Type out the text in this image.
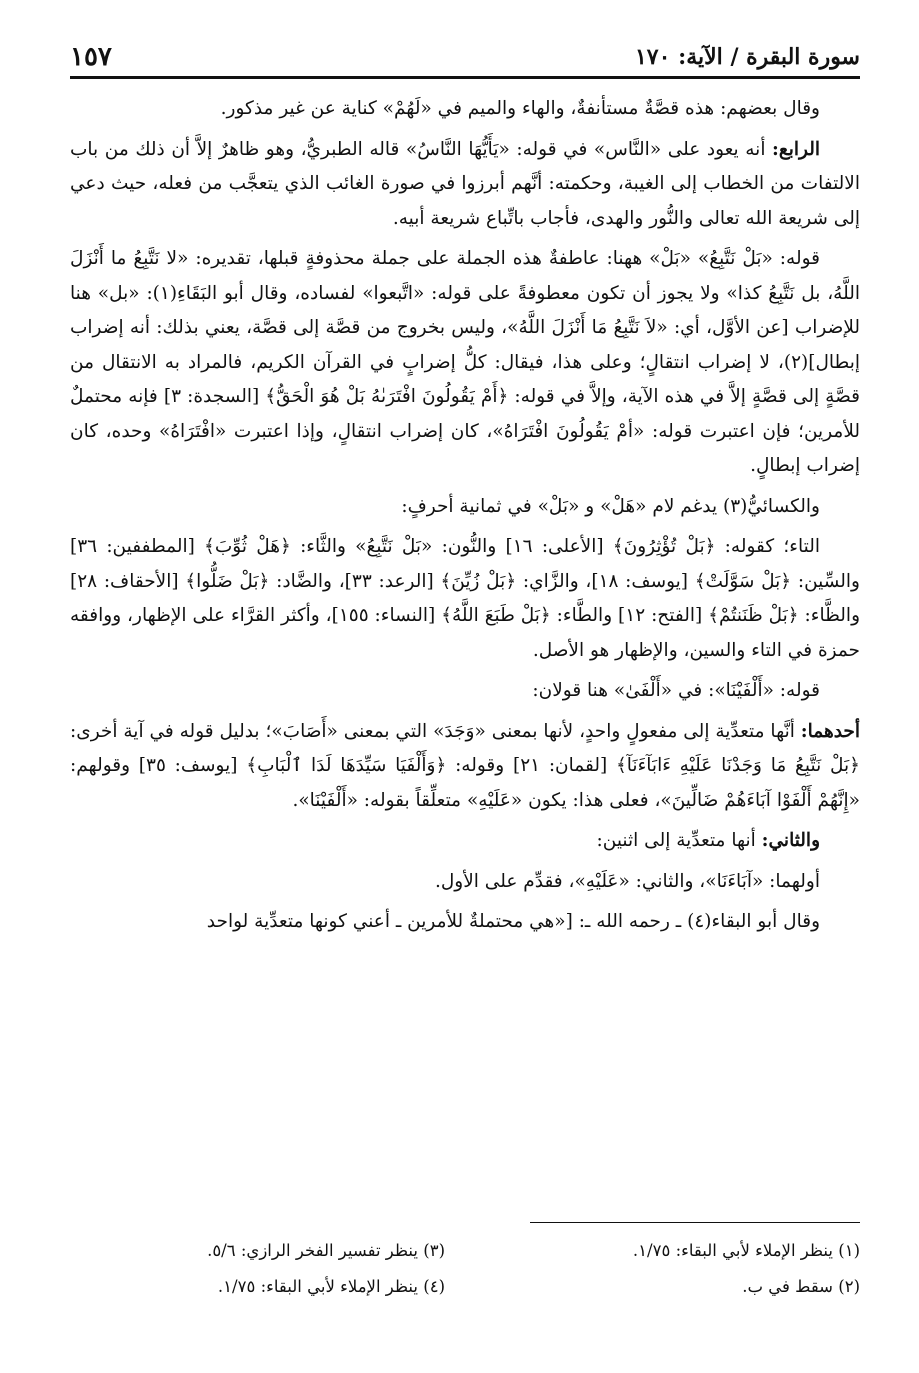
سورة البقرة / الآية: ١٧٠
١٥٧

وقال بعضهم: هذه قصَّةٌ مستأنفةٌ، والهاء والميم في «لَهُمْ» كناية عن غير مذكور.

الرابع: أنه يعود على «النَّاس» في قوله: «يَأَيُّهَا النَّاسُ» قاله الطبريُّ، وهو ظاهرٌ إلاَّ أن ذلك من باب الالتفات من الخطاب إلى الغيبة، وحكمته: أنَّهم أبرزوا في صورة الغائب الذي يتعجَّب من فعله، حيث دعي إلى شريعة الله تعالى والنُّور والهدى، فأجاب باتِّباع شريعة أبيه.

قوله: «بَلْ نَتَّبِعُ» «بَلْ» ههنا: عاطفةٌ هذه الجملة على جملة محذوفةٍ قبلها، تقديره: «لا نَتَّبِعُ ما أَنْزَلَ اللَّهُ، بل نَتَّبِعُ كذا» ولا يجوز أن تكون معطوفةً على قوله: «اتَّبعوا» لفساده، وقال أبو البَقَاءِ(١): «بل» هنا للإضراب [عن الأوَّل، أي: «لاَ نَتَّبِعُ مَا أَنْزَلَ اللَّهُ»، وليس بخروج من قصَّة إلى قصَّة، يعني بذلك: أنه إضراب إبطال](٢)، لا إضراب انتقالٍ؛ وعلى هذا، فيقال: كلُّ إضرابٍ في القرآن الكريم، فالمراد به الانتقال من قصَّةٍ إلى قصَّةٍ إلاَّ في هذه الآية، وإلاَّ في قوله: ﴿أَمْ يَقُولُونَ افْتَرَىٰهُ بَلْ هُوَ الْحَقُّ﴾ [السجدة: ٣] فإنه محتملٌ للأمرين؛ فإن اعتبرت قوله: «أمْ يَقُولُونَ افْتَرَاهُ»، كان إضراب انتقالٍ، وإذا اعتبرت «افْتَرَاهُ» وحده، كان إضراب إبطالٍ.

والكسائيُّ(٣) يدغم لام «هَلْ» و «بَلْ» في ثمانية أحرفٍ:

التاء؛ كقوله: ﴿بَلْ تُؤْثِرُونَ﴾ [الأعلى: ١٦] والنُّون: «بَلْ نَتَّبِعُ» والثَّاء: ﴿هَلْ ثُوِّبَ﴾ [المطففين: ٣٦] والسِّين: ﴿بَلْ سَوَّلَتْ﴾ [يوسف: ١٨]، والزَّاي: ﴿بَلْ زُيِّنَ﴾ [الرعد: ٣٣]، والضَّاد: ﴿بَلْ ضَلُّوا﴾ [الأحقاف: ٢٨] والظَّاء: ﴿بَلْ ظَنَنتُمْ﴾ [الفتح: ١٢] والطَّاء: ﴿بَلْ طَبَعَ اللَّهُ﴾ [النساء: ١٥٥]، وأكثر القرَّاء على الإظهار، ووافقه حمزة في التاء والسين، والإظهار هو الأصل.

قوله: «أَلْفَيْنَا»: في «أَلْفَىٰ» هنا قولان:

أحدهما: أنَّها متعدِّية إلى مفعولٍ واحدٍ، لأنها بمعنى «وَجَدَ» التي بمعنى «أَصَابَ»؛ بدليل قوله في آية أخرى: ﴿بَلْ نَتَّبِعُ مَا وَجَدْنَا عَلَيْهِ ءَابَآءَنَآ﴾ [لقمان: ٢١] وقوله: ﴿وَأَلْفَيَا سَيِّدَهَا لَدَا ٱلْبَابِ﴾ [يوسف: ٣٥] وقولهم: «إِنَّهُمْ أَلْفَوْا آبَاءَهُمْ ضَالِّينَ»، فعلى هذا: يكون «عَلَيْهِ» متعلِّقاً بقوله: «أَلْفَيْنَا».

والثاني: أنها متعدِّية إلى اثنين:

أولهما: «آبَاءَنَا»، والثاني: «عَلَيْهِ»، فقدِّم على الأول.

وقال أبو البقاء(٤) ـ رحمه الله ـ: [«هي محتملةٌ للأمرين ـ أعني كونها متعدِّية لواحد

(١) ينظر الإملاء لأبي البقاء: ١/٧٥.
(٣) ينظر تفسير الفخر الرازي: ٥/٦.
(٢) سقط في ب.
(٤) ينظر الإملاء لأبي البقاء: ١/٧٥.
